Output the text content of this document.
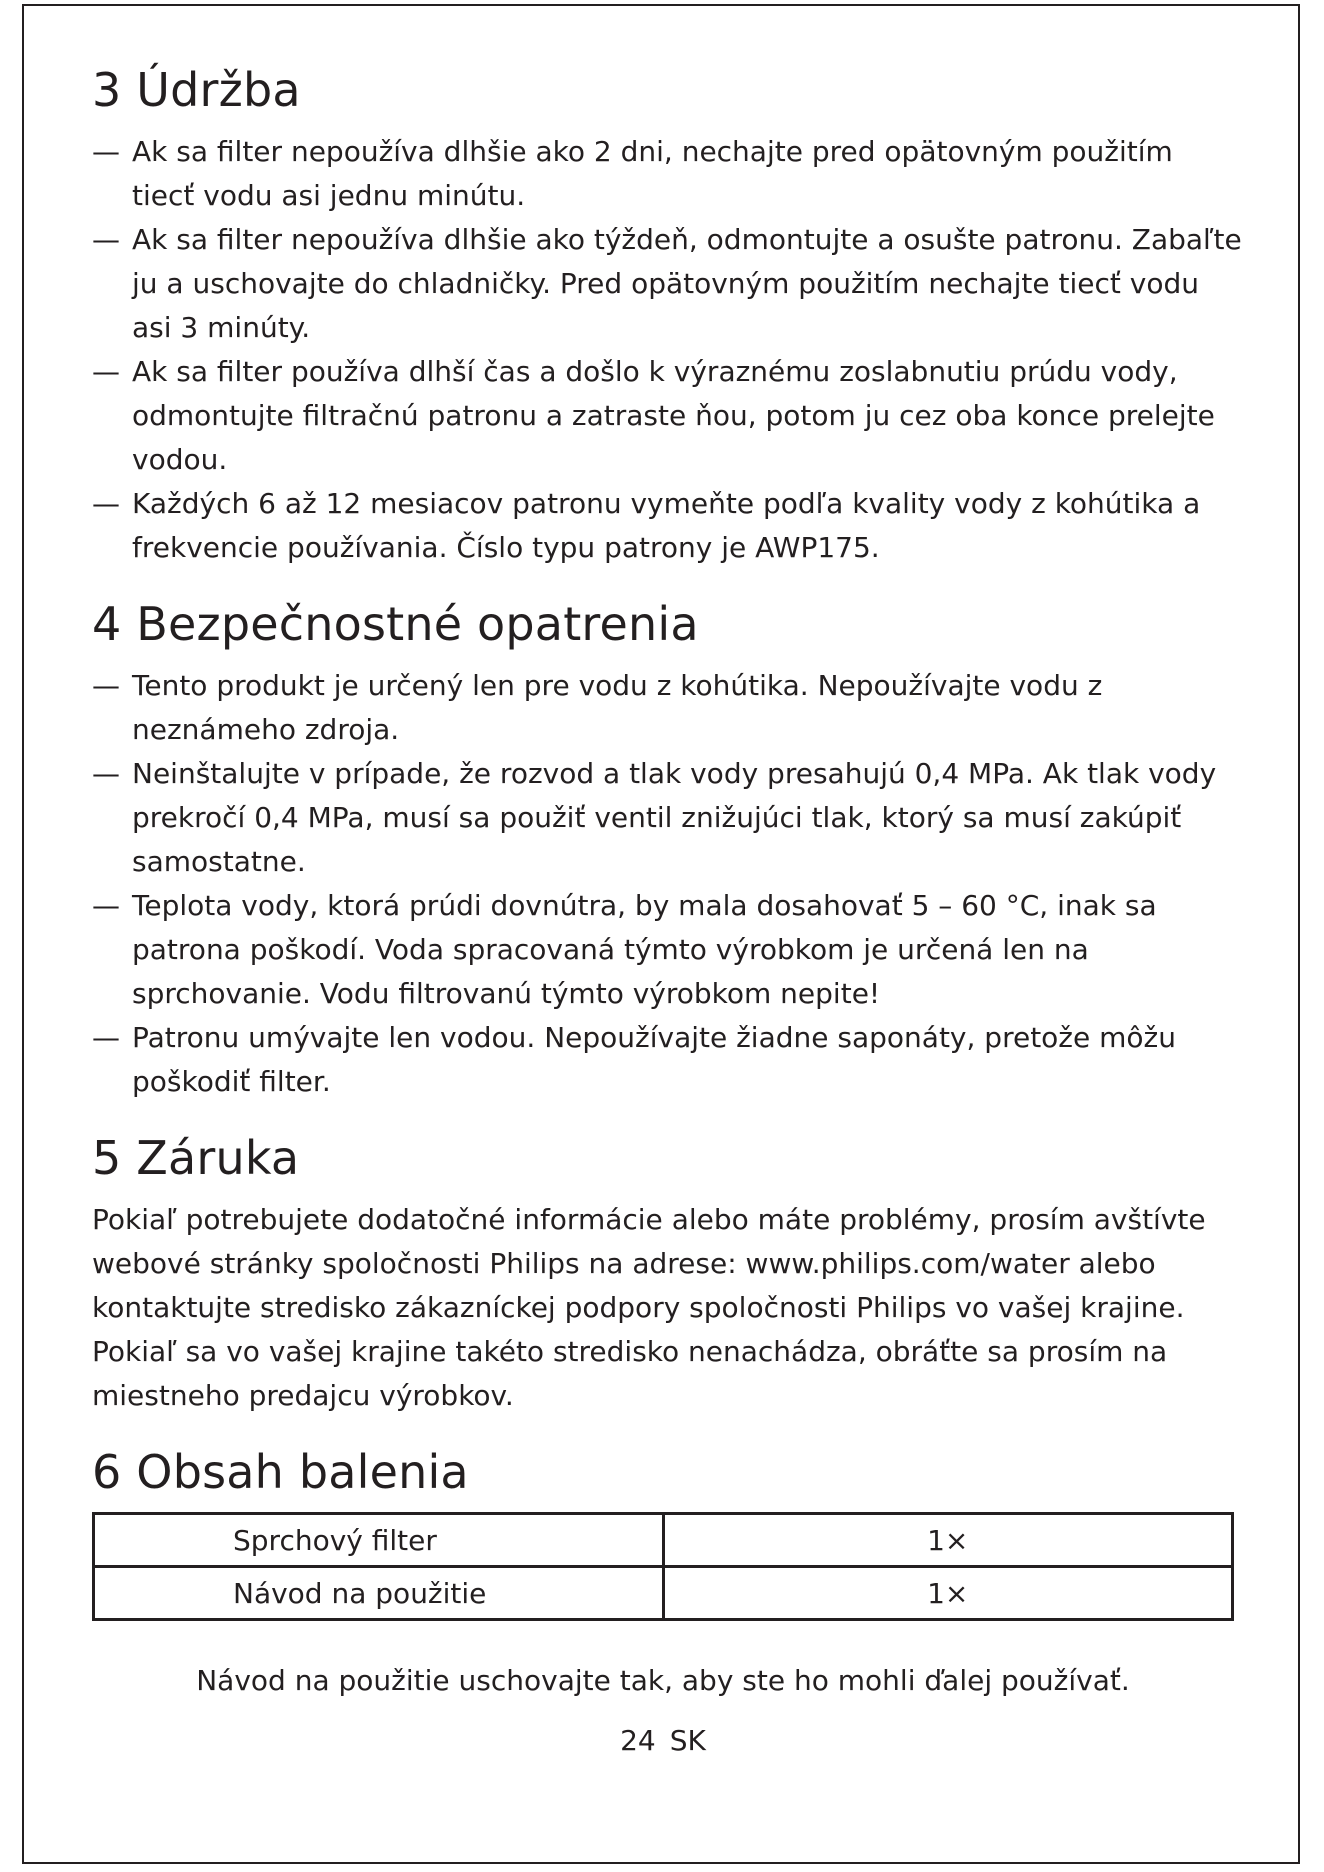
3 Údržba
— Ak sa filter nepoužíva dlhšie ako 2 dni, nechajte pred opätovným použitím tiecť vodu asi jednu minútu.
— Ak sa filter nepoužíva dlhšie ako týždeň, odmontujte a osušte patronu. Zabaľte ju a uschovajte do chladničky. Pred opätovným použitím nechajte tiecť vodu asi 3 minúty.
— Ak sa filter používa dlhší čas a došlo k výraznému zoslabnutiu prúdu vody, odmontujte filtračnú patronu a zatraste ňou, potom ju cez oba konce prelejte vodou.
— Každých 6 až 12 mesiacov patronu vymeňte podľa kvality vody z kohútika a frekvencie používania. Číslo typu patrony je AWP175.
4 Bezpečnostné opatrenia
— Tento produkt je určený len pre vodu z kohútika. Nepoužívajte vodu z neznámeho zdroja.
— Neinštalujte v prípade, že rozvod a tlak vody presahujú 0,4 MPa. Ak tlak vody prekročí 0,4 MPa, musí sa použiť ventil znižujúci tlak, ktorý sa musí zakúpiť samostatne.
— Teplota vody, ktorá prúdi dovnútra, by mala dosahovať 5 – 60 °C, inak sa patrona poškodí. Voda spracovaná týmto výrobkom je určená len na sprchovanie. Vodu filtrovanú týmto výrobkom nepite!
— Patronu umývajte len vodou. Nepoužívajte žiadne saponáty, pretože môžu poškodiť filter.
5 Záruka

Pokiaľ potrebujete dodatočné informácie alebo máte problémy, prosím avštívte webové stránky spoločnosti Philips na adrese: www.philips.com/water alebo kontaktujte stredisko zákazníckej podpory spoločnosti Philips vo vašej krajine. Pokiaľ sa vo vašej krajine takéto stredisko nenachádza, obráťte sa prosím na miestneho predajcu výrobkov.

6 Obsah balenia
Sprchový filter	1×
Návod na použitie	1×

Návod na použitie uschovajte tak, aby ste ho mohli ďalej používať.

24 SK
